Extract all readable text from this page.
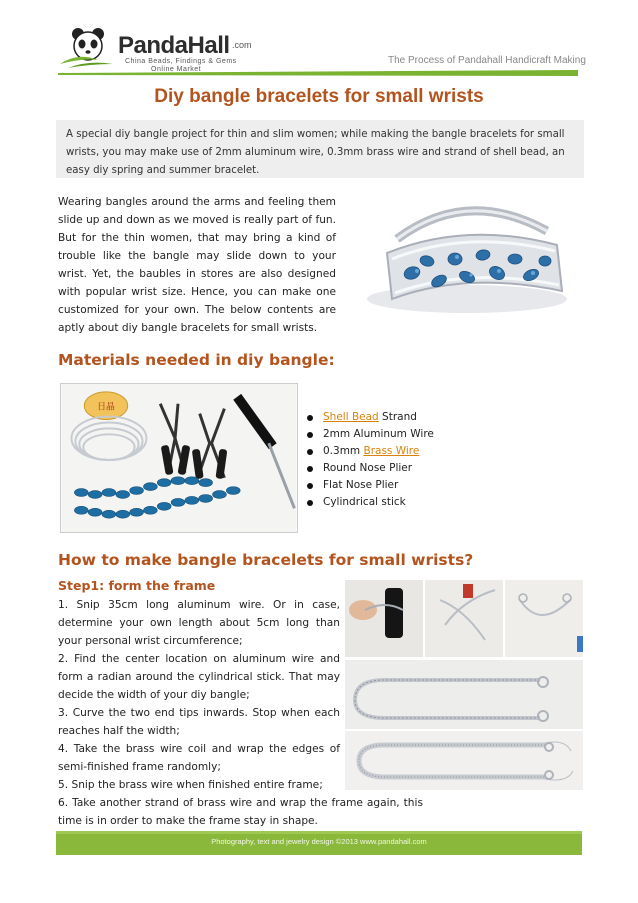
PandaHall .com
China Beads, Findings & Gems
Online Market
The Process of Pandahall Handicraft Making
Diy bangle bracelets for small wrists
A special diy bangle project for thin and slim women; while making the bangle bracelets for small wrists, you may make use of 2mm aluminum wire, 0.3mm brass wire and strand of shell bead, an easy diy spring and summer bracelet.
Wearing bangles around the arms and feeling them slide up and down as we moved is really part of fun. But for the thin women, that may bring a kind of trouble like the bangle may slide down to your wrist. Yet, the baubles in stores are also designed with popular wrist size. Hence, you can make one customized for your own. The below contents are aptly about diy bangle bracelets for small wrists.
Materials needed in diy bangle:
日晶
Shell Bead Strand
2mm Aluminum Wire
0.3mm Brass Wire
Round Nose Plier
Flat Nose Plier
Cylindrical stick
How to make bangle bracelets for small wrists?
Step1: form the frame

1. Snip 35cm long aluminum wire. Or in case, determine your own length about 5cm long than your personal wrist circumference;

2. Find the center location on aluminum wire and form a radian around the cylindrical stick. That may decide the width of your diy bangle;

3. Curve the two end tips inwards. Stop when each reaches half the width;

4. Take the brass wire coil and wrap the edges of semi-finished frame randomly;

5. Snip the brass wire when finished entire frame;

6. Take another strand of brass wire and wrap the frame again, this time is in order to make the frame stay in shape.

Photography, text and jewelry design ©2013 www.pandahall.com
